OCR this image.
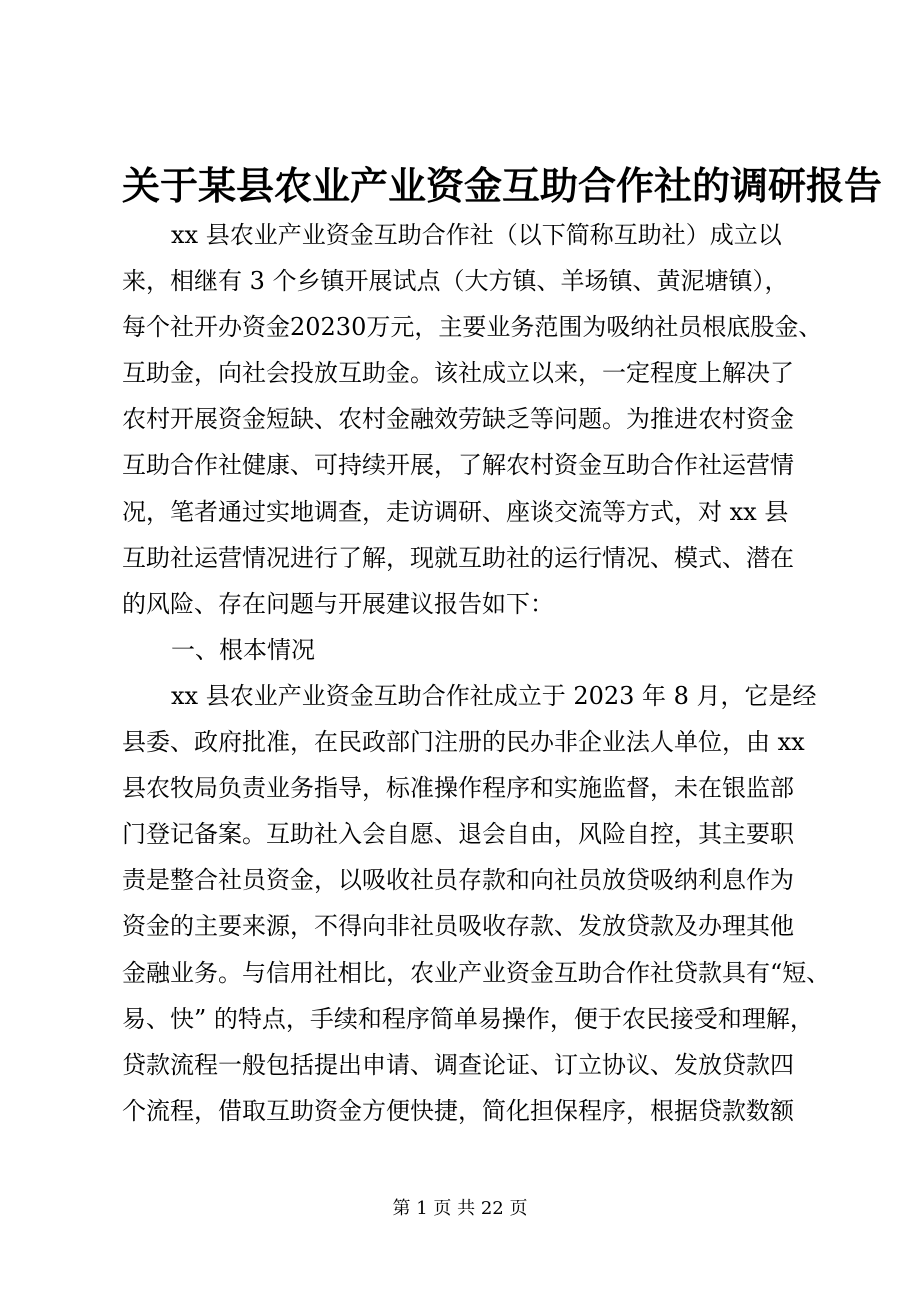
关于某县农业产业资金互助合作社的调研报告
xx 县农业产业资金互助合作社（以下简称互助社）成立以
来，相继有 3 个乡镇开展试点（大方镇、羊场镇、黄泥塘镇），
每个社开办资金20230万元，主要业务范围为吸纳社员根底股金、
互助金，向社会投放互助金。该社成立以来，一定程度上解决了
农村开展资金短缺、农村金融效劳缺乏等问题。为推进农村资金
互助合作社健康、可持续开展，了解农村资金互助合作社运营情
况，笔者通过实地调查，走访调研、座谈交流等方式，对 xx 县
互助社运营情况进行了解，现就互助社的运行情况、模式、潜在
的风险、存在问题与开展建议报告如下：
一、根本情况
xx 县农业产业资金互助合作社成立于 2023 年 8 月，它是经
县委、政府批准，在民政部门注册的民办非企业法人单位，由 xx
县农牧局负责业务指导，标准操作程序和实施监督，未在银监部
门登记备案。互助社入会自愿、退会自由，风险自控，其主要职
责是整合社员资金，以吸收社员存款和向社员放贷吸纳利息作为
资金的主要来源，不得向非社员吸收存款、发放贷款及办理其他
金融业务。与信用社相比，农业产业资金互助合作社贷款具有“短、
易、快” 的特点，手续和程序简单易操作，便于农民接受和理解，
贷款流程一般包括提出申请、调查论证、订立协议、发放贷款四
个流程，借取互助资金方便快捷，简化担保程序，根据贷款数额
第 1 页 共 22 页
